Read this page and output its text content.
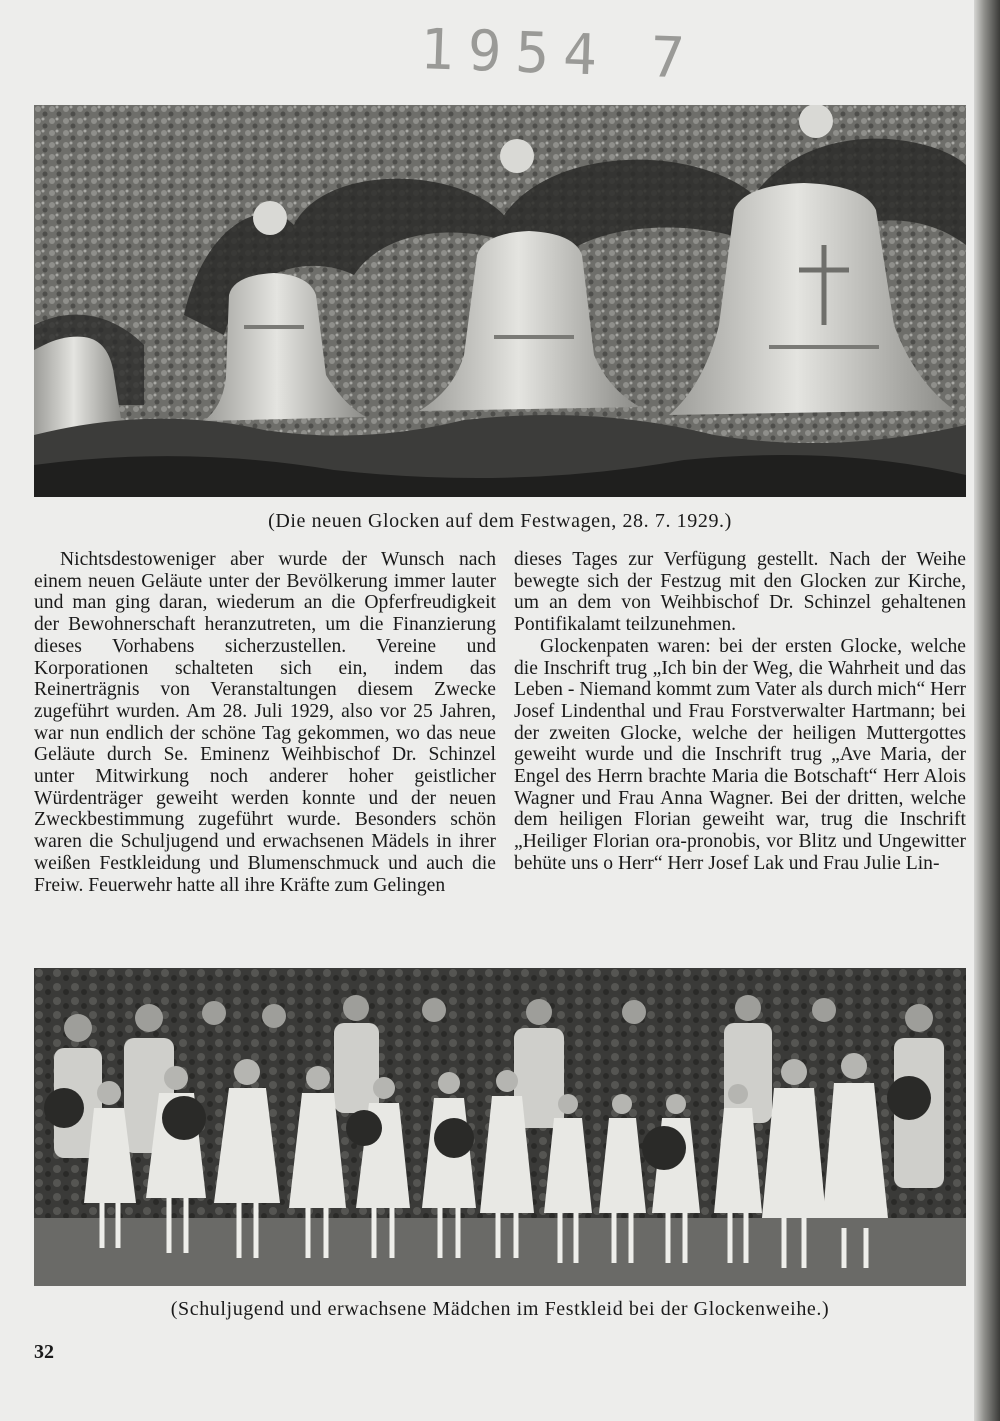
1954 7
(Die neuen Glocken auf dem Festwagen, 28. 7. 1929.)

Nichtsdestoweniger aber wurde der Wunsch nach einem neuen Geläute unter der Bevölkerung immer lauter und man ging daran, wiederum an die Opferfreudigkeit der Bewohnerschaft heranzutreten, um die Finanzierung dieses Vorhabens sicherzustellen. Vereine und Korporationen schalteten sich ein, indem das Reinerträgnis von Veranstaltungen diesem Zwecke zugeführt wurden. Am 28. Juli 1929, also vor 25 Jahren, war nun endlich der schöne Tag gekommen, wo das neue Geläute durch Se. Eminenz Weihbischof Dr. Schinzel unter Mitwirkung noch anderer hoher geistlicher Würdenträger geweiht werden konnte und der neuen Zweckbestimmung zugeführt wurde. Besonders schön waren die Schuljugend und erwachsenen Mädels in ihrer weißen Festkleidung und Blumenschmuck und auch die Freiw. Feuerwehr hatte all ihre Kräfte zum Gelingen

dieses Tages zur Verfügung gestellt. Nach der Weihe bewegte sich der Festzug mit den Glocken zur Kirche, um an dem von Weihbischof Dr. Schinzel gehaltenen Pontifikalamt teilzunehmen.

Glockenpaten waren: bei der ersten Glocke, welche die Inschrift trug „Ich bin der Weg, die Wahrheit und das Leben - Niemand kommt zum Vater als durch mich“ Herr Josef Lindenthal und Frau Forstverwalter Hartmann; bei der zweiten Glocke, welche der heiligen Muttergottes geweiht wurde und die Inschrift trug „Ave Maria, der Engel des Herrn brachte Maria die Botschaft“ Herr Alois Wagner und Frau Anna Wagner. Bei der dritten, welche dem heiligen Florian geweiht war, trug die Inschrift „Heiliger Florian ora-pronobis, vor Blitz und Ungewitter behüte uns o Herr“ Herr Josef Lak und Frau Julie Lin-

(Schuljugend und erwachsene Mädchen im Festkleid bei der Glockenweihe.)
32
